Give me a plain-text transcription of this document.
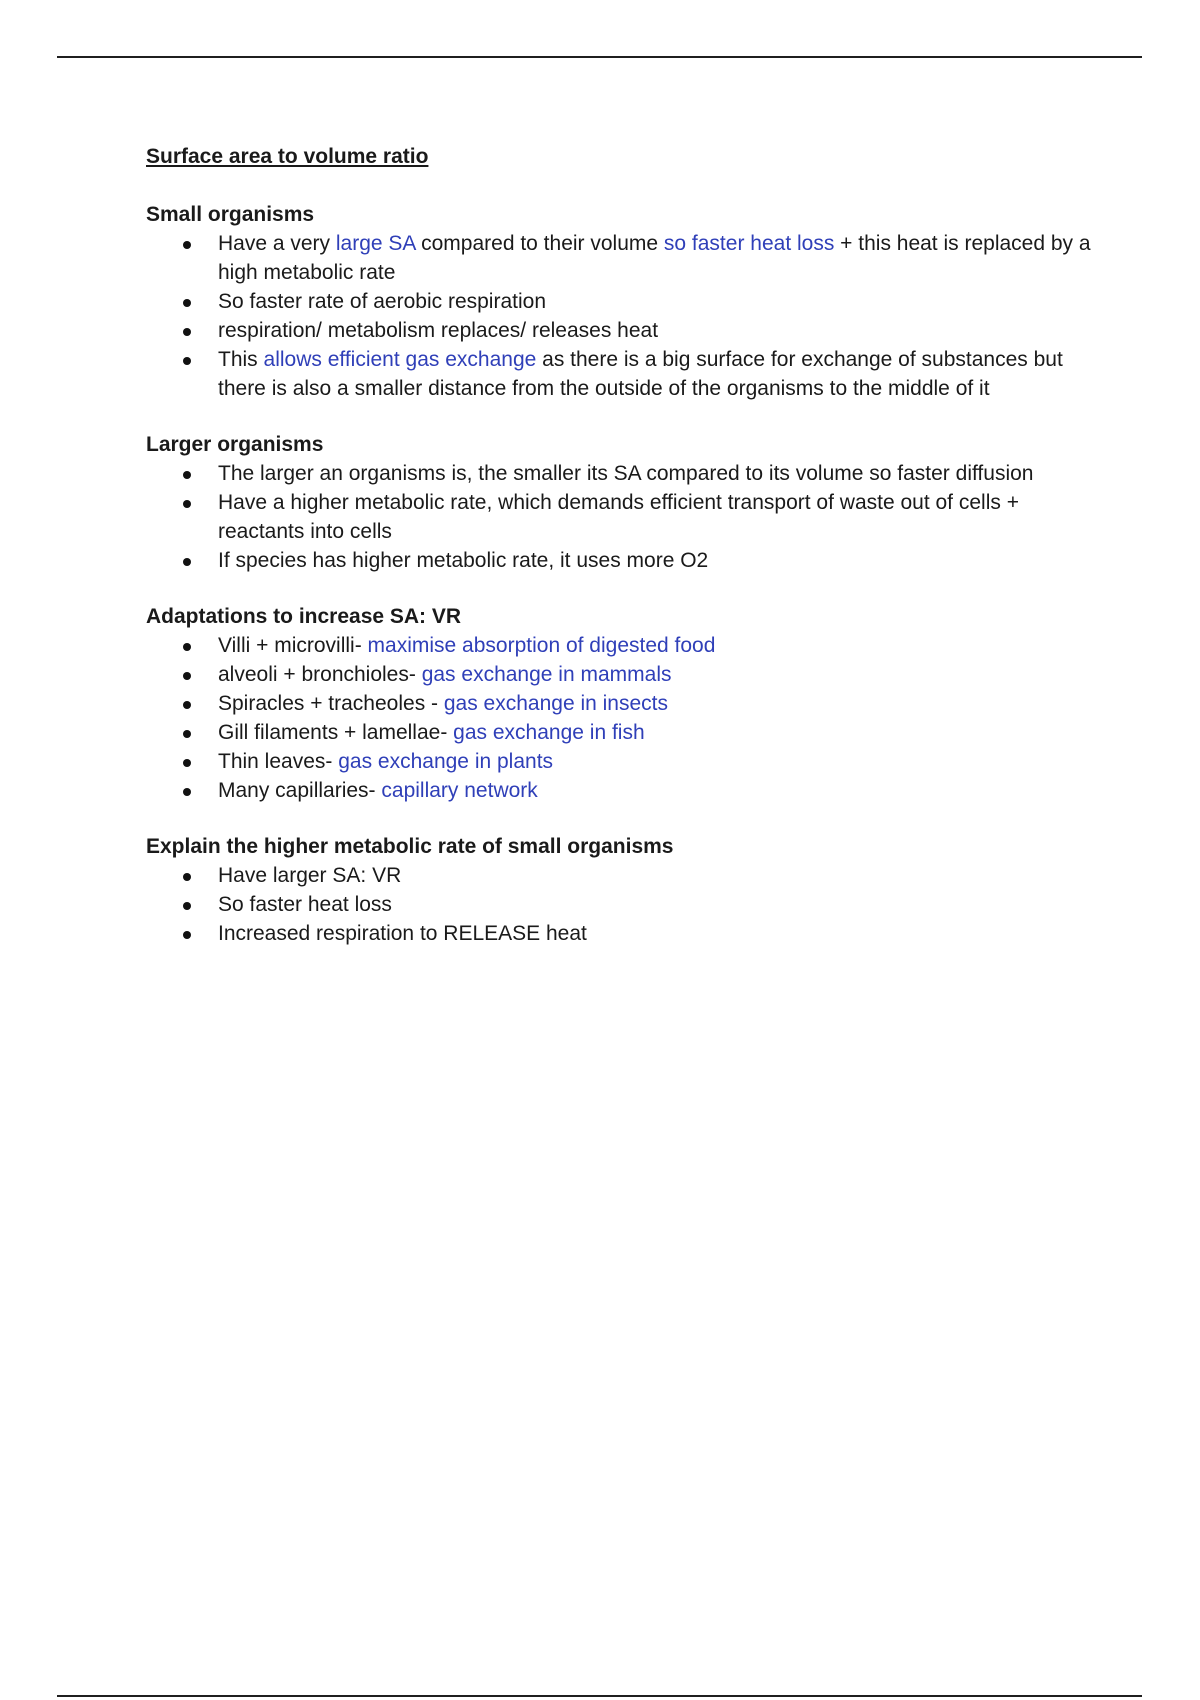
Surface area to volume ratio
Small organisms
Have a very large SA compared to their volume so faster heat loss + this heat is replaced by a high metabolic rate
So faster rate of aerobic respiration
respiration/ metabolism replaces/ releases heat
This allows efficient gas exchange as there is a big surface for exchange of substances but there is also a smaller distance from the outside of the organisms to the middle of it
Larger organisms
The larger an organisms is, the smaller its SA compared to its volume so faster diffusion
Have a higher metabolic rate, which demands efficient transport of waste out of cells + reactants into cells
If species has higher metabolic rate, it uses more O2
Adaptations to increase SA: VR
Villi + microvilli- maximise absorption of digested food
alveoli + bronchioles- gas exchange in mammals
Spiracles + tracheoles - gas exchange in insects
Gill filaments + lamellae- gas exchange in fish
Thin leaves- gas exchange in plants
Many capillaries- capillary network
Explain the higher metabolic rate of small organisms
Have larger SA: VR
So faster heat loss
Increased respiration to RELEASE heat
